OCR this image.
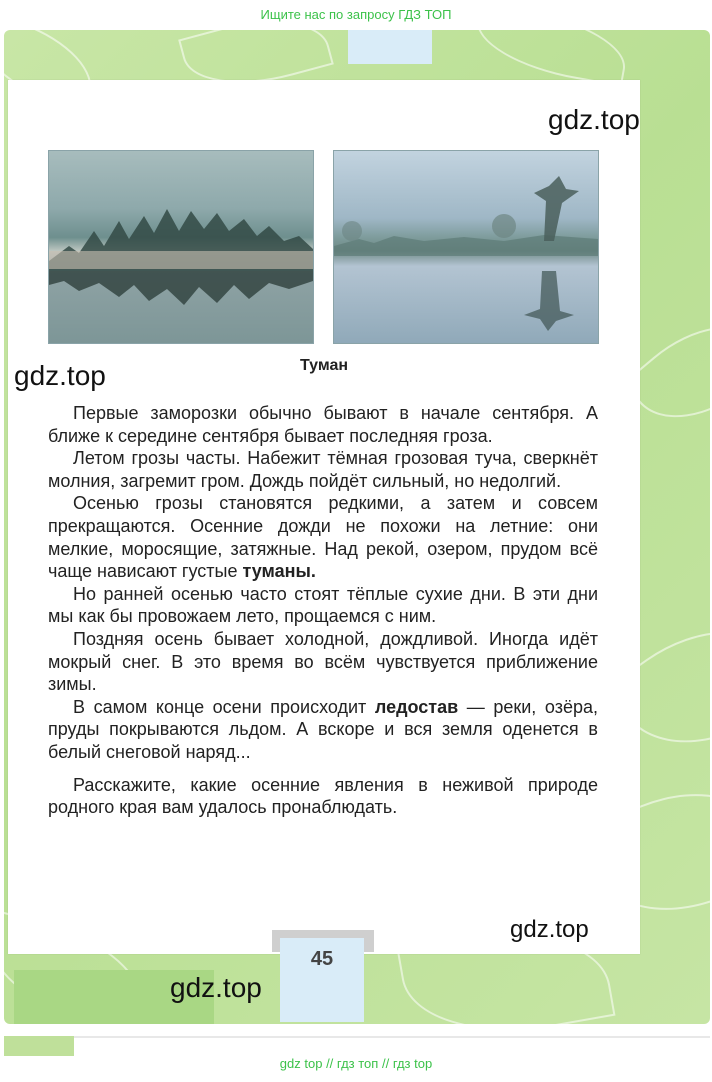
Ищите нас по запросу ГДЗ ТОП
Туман

Первые заморозки обычно бывают в начале сентября. А ближе к середине сентября бывает последняя гроза.

Летом грозы часты. Набежит тёмная грозовая туча, сверкнёт молния, загремит гром. Дождь пойдёт сильный, но недолгий.

Осенью грозы становятся редкими, а затем и совсем прекращаются. Осенние дожди не похожи на летние: они мелкие, моросящие, затяжные. Над рекой, озером, прудом всё чаще нависают густые туманы.

Но ранней осенью часто стоят тёплые сухие дни. В эти дни мы как бы провожаем лето, прощаемся с ним.

Поздняя осень бывает холодной, дождливой. Иногда идёт мокрый снег. В это время во всём чувствуется приближение зимы.

В самом конце осени происходит ледостав — реки, озёра, пруды покрываются льдом. А вскоре и вся земля оденется в белый снеговой наряд...

Расскажите, какие осенние явления в неживой природе родного края вам удалось пронаблюдать.

gdz.top
gdz.top
gdz.top
45
gdz.top
gdz top // гдз топ // гдз top
